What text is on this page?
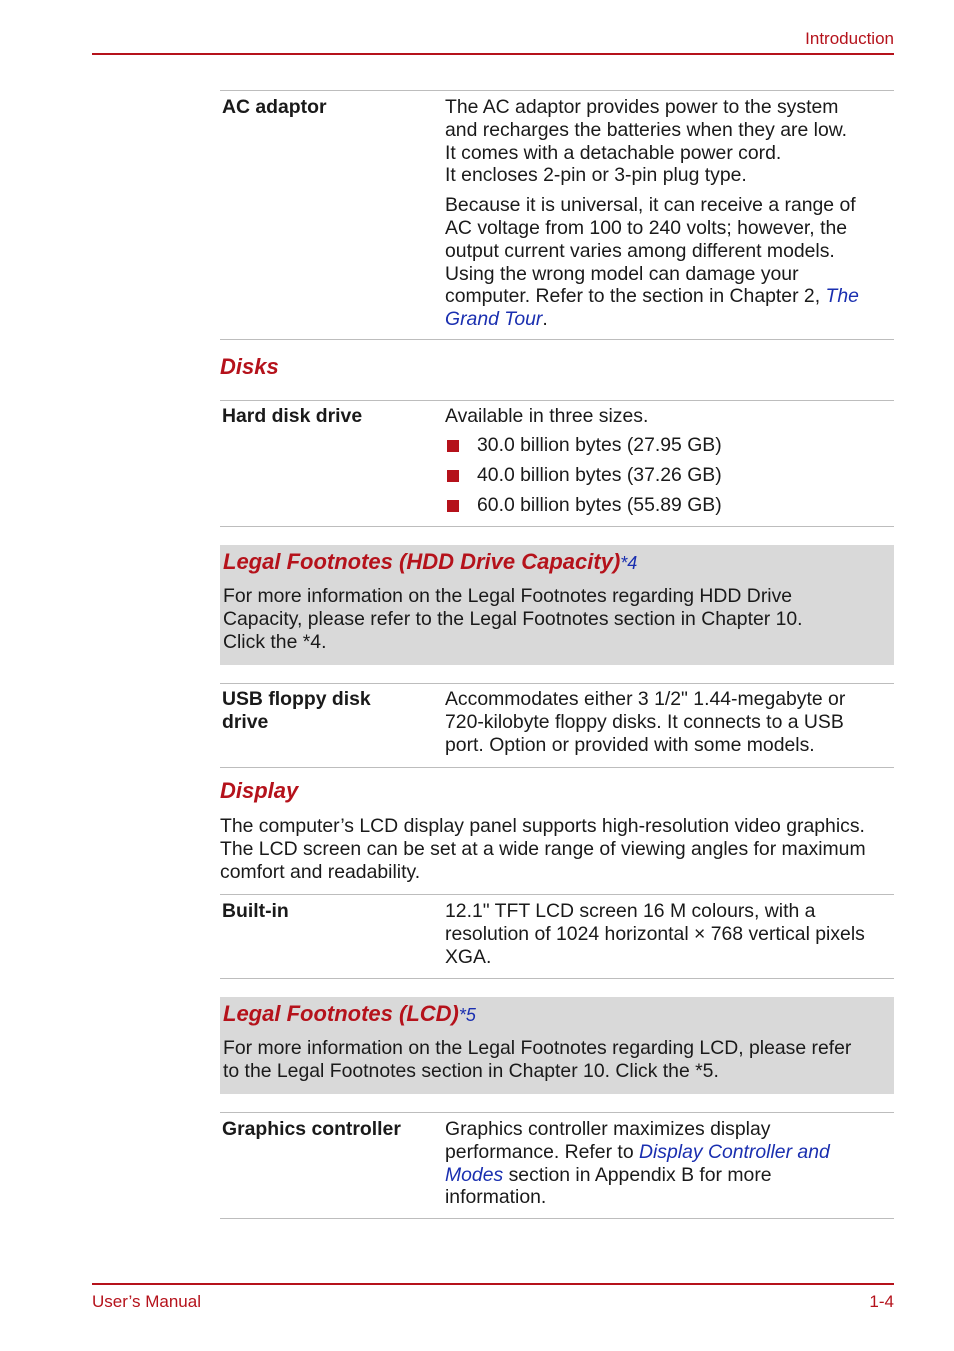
Introduction
AC adaptor	The AC adaptor provides power to the system

and recharges the batteries when they are low.

It comes with a detachable power cord.

It encloses 2-pin or 3-pin plug type.

Because it is universal, it can receive a range of

AC voltage from 100 to 240 volts; however, the

output current varies among different models.

Using the wrong model can damage your

computer. Refer to the section in Chapter 2, The

Grand Tour.

Disks
Hard disk drive	Available in three sizes.
30.0 billion bytes (27.95 GB)
40.0 billion bytes (37.26 GB)
60.0 billion bytes (55.89 GB)
Legal Footnotes (HDD Drive Capacity)*4
For more information on the Legal Footnotes regarding HDD Drive
Capacity, please refer to the Legal Footnotes section in Chapter 10.
Click the *4.
USB floppy disk
drive

Accommodates either 3 1/2" 1.44-megabyte or

720-kilobyte floppy disks. It connects to a USB

port. Option or provided with some models.

Display
The computer’s LCD display panel supports high-resolution video graphics.
The LCD screen can be set at a wide range of viewing angles for maximum
comfort and readability.
Built-in	12.1" TFT LCD screen 16 M colours, with a

resolution of 1024 horizontal × 768 vertical pixels

XGA.

Legal Footnotes (LCD)*5
For more information on the Legal Footnotes regarding LCD, please refer
to the Legal Footnotes section in Chapter 10. Click the *5.
Graphics controller	Graphics controller maximizes display

performance. Refer to Display Controller and

Modes section in Appendix B for more

information.

User’s Manual	1-4
